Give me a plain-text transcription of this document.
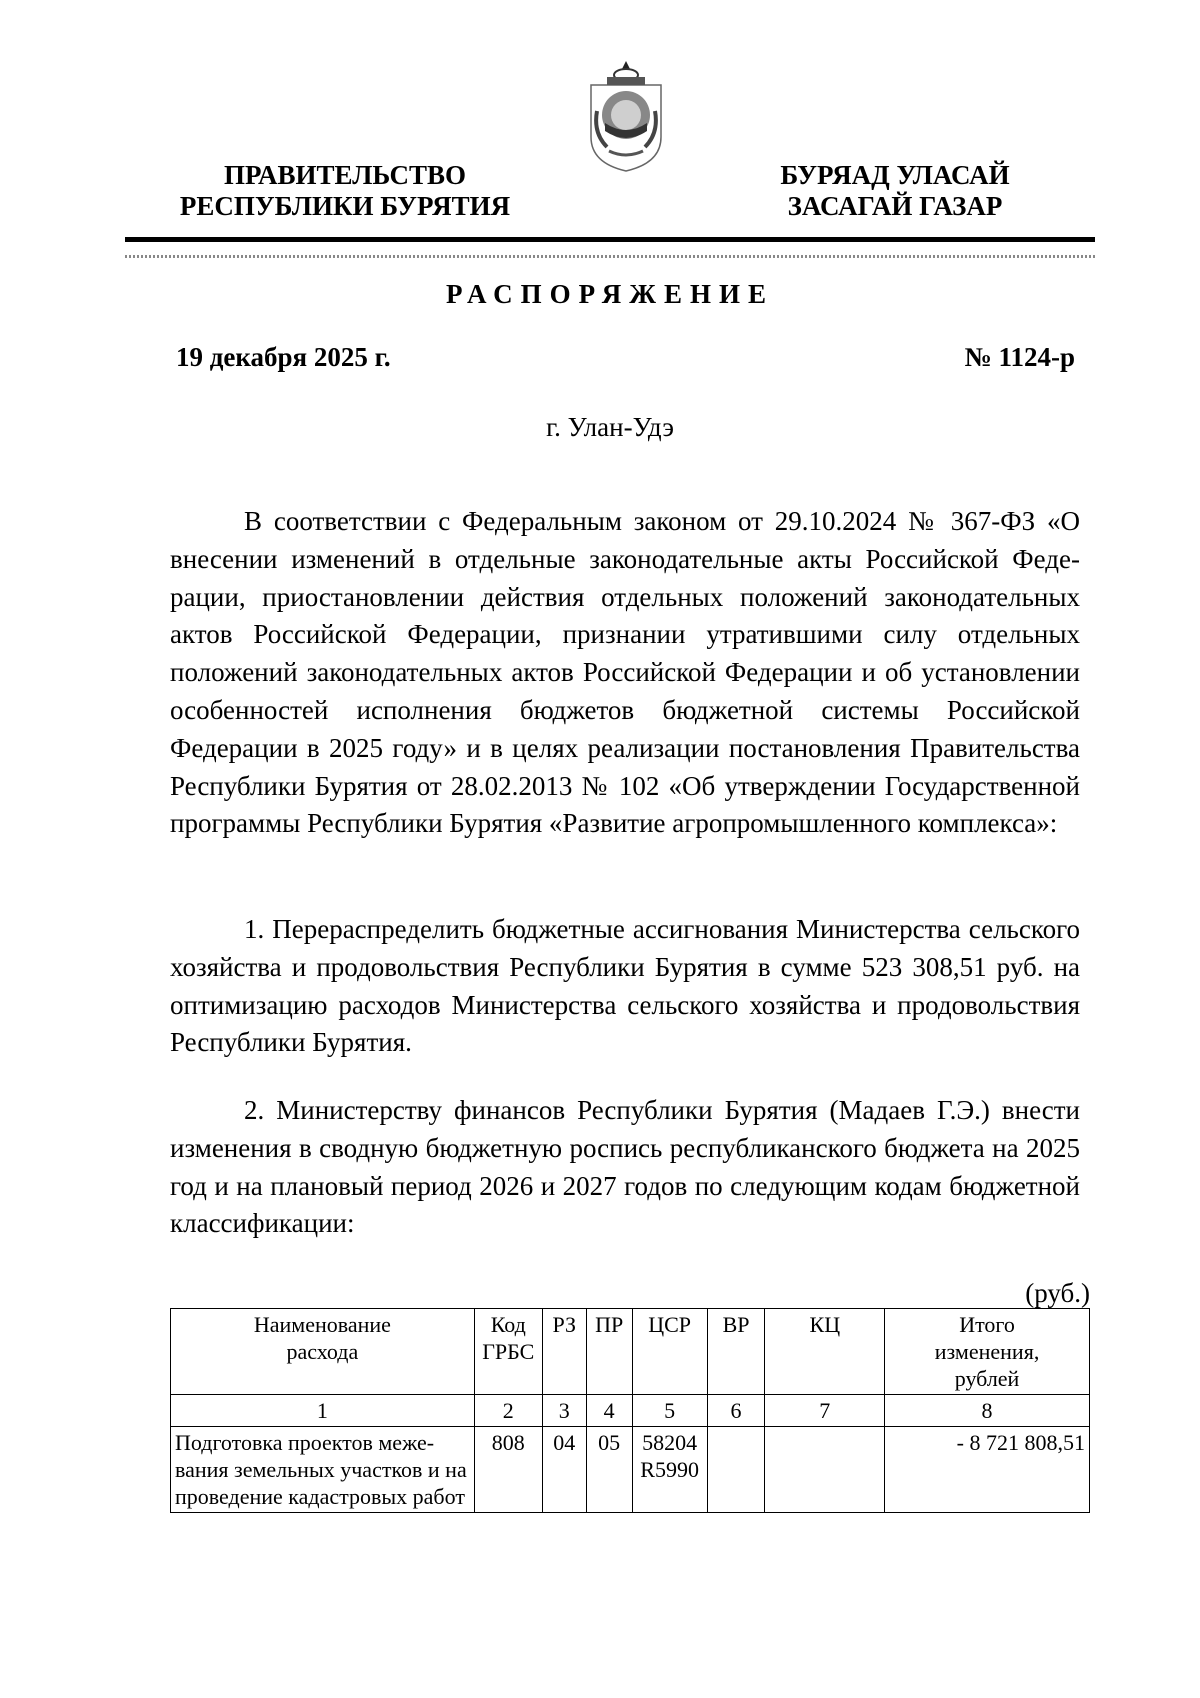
ПРАВИТЕЛЬСТВО
РЕСПУБЛИКИ БУРЯТИЯ
БУРЯАД УЛАСАЙ
ЗАСАГАЙ ГАЗАР
РАСПОРЯЖЕНИЕ
19 декабря 2025 г.	№ 1124-р
г. Улан-Удэ

В соответствии с Федеральным законом от 29.10.2024 № 367-ФЗ «О внесении изменений в отдельные законодательные акты Российской Федерации, приостановлении действия отдельных положений законодательных актов Российской Федерации, признании утратившими силу отдельных положений законодательных актов Российской Федерации и об установлении особенностей исполнения бюджетов бюджетной системы Российской Федерации в 2025 году» и в целях реализации постановления Правительства Республики Бурятия от 28.02.2013 № 102 «Об утверждении Государственной программы Республики Бурятия «Развитие агропромышленного комплекса»:

1. Перераспределить бюджетные ассигнования Министерства сельского хозяйства и продовольствия Республики Бурятия в сумме 523 308,51 руб. на оптимизацию расходов Министерства сельского хозяйства и продовольствия Республики Бурятия.

2. Министерству финансов Республики Бурятия (Мадаев Г.Э.) внести изменения в сводную бюджетную роспись республиканского бюджета на 2025 год и на плановый период 2026 и 2027 годов по следующим кодам бюджетной классификации:

(руб.)
Наименование расхода	Код ГРБС	РЗ	ПР	ЦСР	ВР	КЦ	Итого изменения, рублей
1	2	3	4	5	6	7	8
Подготовка проектов межевания земельных участков и на проведение кадастровых работ	808	04	05	58204 R5990			- 8 721 808,51
